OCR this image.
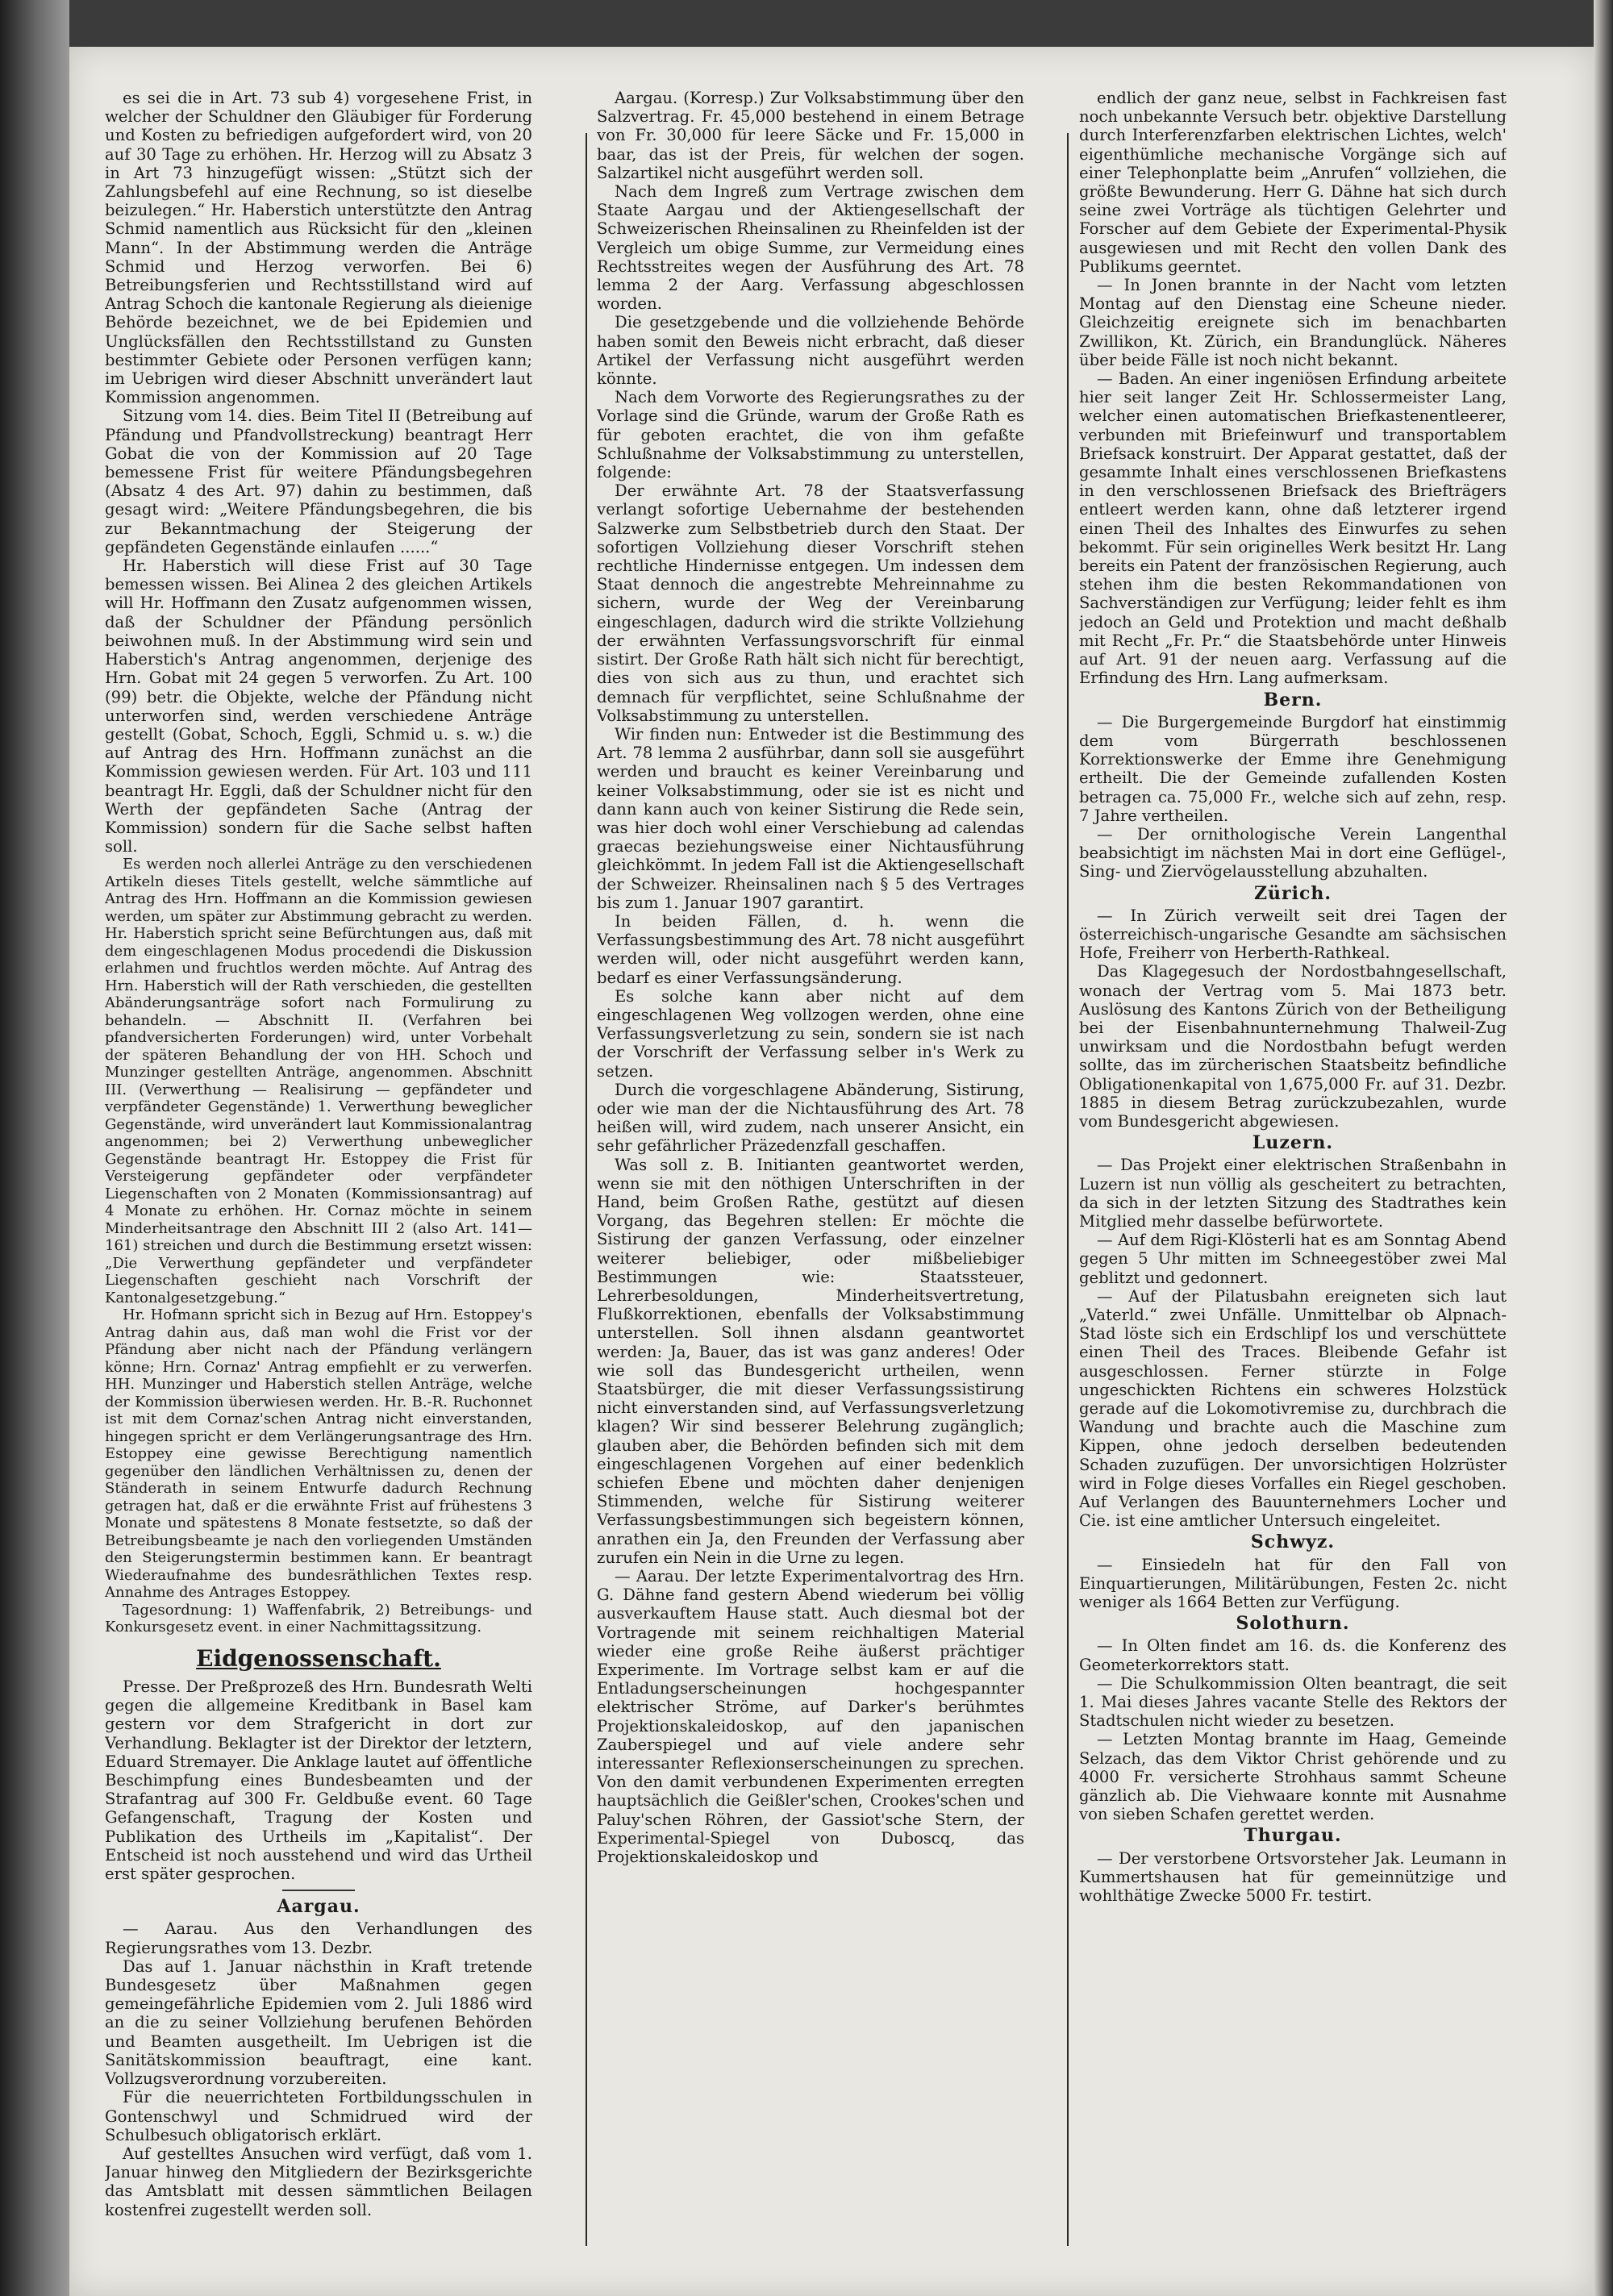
es sei die in Art. 73 sub 4) vorgesehene Frist, in welcher der Schuldner den Gläubiger für Forderung und Kosten zu befriedigen aufgefordert wird, von 20 auf 30 Tage zu erhöhen. Hr. Herzog will zu Absatz 3 in Art 73 hinzugefügt wissen: „Stützt sich der Zahlungsbefehl auf eine Rechnung, so ist dieselbe beizulegen.“ Hr. Haberstich unterstützte den Antrag Schmid namentlich aus Rücksicht für den „kleinen Mann“. In der Abstimmung werden die Anträge Schmid und Herzog verworfen. Bei 6) Betreibungsferien und Rechtsstillstand wird auf Antrag Schoch die kantonale Regierung als dieienige Behörde bezeichnet, we de bei Epidemien und Unglücksfällen den Rechtsstillstand zu Gunsten bestimmter Gebiete oder Personen verfügen kann; im Uebrigen wird dieser Abschnitt unverändert laut Kommission angenommen.

Sitzung vom 14. dies. Beim Titel II (Betreibung auf Pfändung und Pfandvollstreckung) beantragt Herr Gobat die von der Kommission auf 20 Tage bemessene Frist für weitere Pfändungsbegehren (Absatz 4 des Art. 97) dahin zu bestimmen, daß gesagt wird: „Weitere Pfändungsbegehren, die bis zur Bekanntmachung der Steigerung der gepfändeten Gegenstände einlaufen ......“

Hr. Haberstich will diese Frist auf 30 Tage bemessen wissen. Bei Alinea 2 des gleichen Artikels will Hr. Hoffmann den Zusatz aufgenommen wissen, daß der Schuldner der Pfändung persönlich beiwohnen muß. In der Abstimmung wird sein und Haberstich's Antrag angenommen, derjenige des Hrn. Gobat mit 24 gegen 5 verworfen. Zu Art. 100 (99) betr. die Objekte, welche der Pfändung nicht unterworfen sind, werden verschiedene Anträge gestellt (Gobat, Schoch, Eggli, Schmid u. s. w.) die auf Antrag des Hrn. Hoffmann zunächst an die Kommission gewiesen werden. Für Art. 103 und 111 beantragt Hr. Eggli, daß der Schuldner nicht für den Werth der gepfändeten Sache (Antrag der Kommission) sondern für die Sache selbst haften soll.

Es werden noch allerlei Anträge zu den verschiedenen Artikeln dieses Titels gestellt, welche sämmtliche auf Antrag des Hrn. Hoffmann an die Kommission gewiesen werden, um später zur Abstimmung gebracht zu werden. Hr. Haberstich spricht seine Befürchtungen aus, daß mit dem eingeschlagenen Modus procedendi die Diskussion erlahmen und fruchtlos werden möchte. Auf Antrag des Hrn. Haberstich will der Rath verschieden, die gestellten Abänderungsanträge sofort nach Formulirung zu behandeln. — Abschnitt II. (Verfahren bei pfandversicherten Forderungen) wird, unter Vorbehalt der späteren Behandlung der von HH. Schoch und Munzinger gestellten Anträge, angenommen. Abschnitt III. (Verwerthung — Realisirung — gepfändeter und verpfändeter Gegenstände) 1. Verwerthung beweglicher Gegenstände, wird unverändert laut Kommissionalantrag angenommen; bei 2) Verwerthung unbeweglicher Gegenstände beantragt Hr. Estoppey die Frist für Versteigerung gepfändeter oder verpfändeter Liegenschaften von 2 Monaten (Kommissionsantrag) auf 4 Monate zu erhöhen. Hr. Cornaz möchte in seinem Minderheitsantrage den Abschnitt III 2 (also Art. 141—161) streichen und durch die Bestimmung ersetzt wissen: „Die Verwerthung gepfändeter und verpfändeter Liegenschaften geschieht nach Vorschrift der Kantonalgesetzgebung.“

Hr. Hofmann spricht sich in Bezug auf Hrn. Estoppey's Antrag dahin aus, daß man wohl die Frist vor der Pfändung aber nicht nach der Pfändung verlängern könne; Hrn. Cornaz' Antrag empfiehlt er zu verwerfen. HH. Munzinger und Haberstich stellen Anträge, welche der Kommission überwiesen werden. Hr. B.-R. Ruchonnet ist mit dem Cornaz'schen Antrag nicht einverstanden, hingegen spricht er dem Verlängerungsantrage des Hrn. Estoppey eine gewisse Berechtigung namentlich gegenüber den ländlichen Verhältnissen zu, denen der Ständerath in seinem Entwurfe dadurch Rechnung getragen hat, daß er die erwähnte Frist auf frühestens 3 Monate und spätestens 8 Monate festsetzte, so daß der Betreibungsbeamte je nach den vorliegenden Umständen den Steigerungstermin bestimmen kann. Er beantragt Wiederaufnahme des bundesräthlichen Textes resp. Annahme des Antrages Estoppey.

Tagesordnung: 1) Waffenfabrik, 2) Betreibungs- und Konkursgesetz event. in einer Nachmittagssitzung.

Eidgenossenschaft.

Presse. Der Preßprozeß des Hrn. Bundesrath Welti gegen die allgemeine Kreditbank in Basel kam gestern vor dem Strafgericht in dort zur Verhandlung. Beklagter ist der Direktor der letztern, Eduard Stremayer. Die Anklage lautet auf öffentliche Beschimpfung eines Bundesbeamten und der Strafantrag auf 300 Fr. Geldbuße event. 60 Tage Gefangenschaft, Tragung der Kosten und Publikation des Urtheils im „Kapitalist“. Der Entscheid ist noch ausstehend und wird das Urtheil erst später gesprochen.

Aargau.

— Aarau. Aus den Verhandlungen des Regierungsrathes vom 13. Dezbr.

Das auf 1. Januar nächsthin in Kraft tretende Bundesgesetz über Maßnahmen gegen gemeingefährliche Epidemien vom 2. Juli 1886 wird an die zu seiner Vollziehung berufenen Behörden und Beamten ausgetheilt. Im Uebrigen ist die Sanitätskommission beauftragt, eine kant. Vollzugsverordnung vorzubereiten.

Für die neuerrichteten Fortbildungsschulen in Gontenschwyl und Schmidrued wird der Schulbesuch obligatorisch erklärt.

Auf gestelltes Ansuchen wird verfügt, daß vom 1. Januar hinweg den Mitgliedern der Bezirksgerichte das Amtsblatt mit dessen sämmtlichen Beilagen kostenfrei zugestellt werden soll.

Aargau. (Korresp.) Zur Volksabstimmung über den Salzvertrag. Fr. 45,000 bestehend in einem Betrage von Fr. 30,000 für leere Säcke und Fr. 15,000 in baar, das ist der Preis, für welchen der sogen. Salzartikel nicht ausgeführt werden soll.

Nach dem Ingreß zum Vertrage zwischen dem Staate Aargau und der Aktiengesellschaft der Schweizerischen Rheinsalinen zu Rheinfelden ist der Vergleich um obige Summe, zur Vermeidung eines Rechtsstreites wegen der Ausführung des Art. 78 lemma 2 der Aarg. Verfassung abgeschlossen worden.

Die gesetzgebende und die vollziehende Behörde haben somit den Beweis nicht erbracht, daß dieser Artikel der Verfassung nicht ausgeführt werden könnte.

Nach dem Vorworte des Regierungsrathes zu der Vorlage sind die Gründe, warum der Große Rath es für geboten erachtet, die von ihm gefaßte Schlußnahme der Volksabstimmung zu unterstellen, folgende:

Der erwähnte Art. 78 der Staatsverfassung verlangt sofortige Uebernahme der bestehenden Salzwerke zum Selbstbetrieb durch den Staat. Der sofortigen Vollziehung dieser Vorschrift stehen rechtliche Hindernisse entgegen. Um indessen dem Staat dennoch die angestrebte Mehreinnahme zu sichern, wurde der Weg der Vereinbarung eingeschlagen, dadurch wird die strikte Vollziehung der erwähnten Verfassungsvorschrift für einmal sistirt. Der Große Rath hält sich nicht für berechtigt, dies von sich aus zu thun, und erachtet sich demnach für verpflichtet, seine Schlußnahme der Volksabstimmung zu unterstellen.

Wir finden nun: Entweder ist die Bestimmung des Art. 78 lemma 2 ausführbar, dann soll sie ausgeführt werden und braucht es keiner Vereinbarung und keiner Volksabstimmung, oder sie ist es nicht und dann kann auch von keiner Sistirung die Rede sein, was hier doch wohl einer Verschiebung ad calendas graecas beziehungsweise einer Nichtausführung gleichkömmt. In jedem Fall ist die Aktiengesellschaft der Schweizer. Rheinsalinen nach § 5 des Vertrages bis zum 1. Januar 1907 garantirt.

In beiden Fällen, d. h. wenn die Verfassungsbestimmung des Art. 78 nicht ausgeführt werden will, oder nicht ausgeführt werden kann, bedarf es einer Verfassungsänderung.

Es solche kann aber nicht auf dem eingeschlagenen Weg vollzogen werden, ohne eine Verfassungsverletzung zu sein, sondern sie ist nach der Vorschrift der Verfassung selber in's Werk zu setzen.

Durch die vorgeschlagene Abänderung, Sistirung, oder wie man der die Nichtausführung des Art. 78 heißen will, wird zudem, nach unserer Ansicht, ein sehr gefährlicher Präzedenzfall geschaffen.

Was soll z. B. Initianten geantwortet werden, wenn sie mit den nöthigen Unterschriften in der Hand, beim Großen Rathe, gestützt auf diesen Vorgang, das Begehren stellen: Er möchte die Sistirung der ganzen Verfassung, oder einzelner weiterer beliebiger, oder mißbeliebiger Bestimmungen wie: Staatssteuer, Lehrerbesoldungen, Minderheitsvertretung, Flußkorrektionen, ebenfalls der Volksabstimmung unterstellen. Soll ihnen alsdann geantwortet werden: Ja, Bauer, das ist was ganz anderes! Oder wie soll das Bundesgericht urtheilen, wenn Staatsbürger, die mit dieser Verfassungssistirung nicht einverstanden sind, auf Verfassungsverletzung klagen? Wir sind besserer Belehrung zugänglich; glauben aber, die Behörden befinden sich mit dem eingeschlagenen Vorgehen auf einer bedenklich schiefen Ebene und möchten daher denjenigen Stimmenden, welche für Sistirung weiterer Verfassungsbestimmungen sich begeistern können, anrathen ein Ja, den Freunden der Verfassung aber zurufen ein Nein in die Urne zu legen.

— Aarau. Der letzte Experimentalvortrag des Hrn. G. Dähne fand gestern Abend wiederum bei völlig ausverkauftem Hause statt. Auch diesmal bot der Vortragende mit seinem reichhaltigen Material wieder eine große Reihe äußerst prächtiger Experimente. Im Vortrage selbst kam er auf die Entladungserscheinungen hochgespannter elektrischer Ströme, auf Darker's berühmtes Projektionskaleidoskop, auf den japanischen Zauberspiegel und auf viele andere sehr interessanter Reflexionserscheinungen zu sprechen. Von den damit verbundenen Experimenten erregten hauptsächlich die Geißler'schen, Crookes'schen und Paluy'schen Röhren, der Gassiot'sche Stern, der Experimental-Spiegel von Duboscq, das Projektionskaleidoskop und

endlich der ganz neue, selbst in Fachkreisen fast noch unbekannte Versuch betr. objektive Darstellung durch Interferenzfarben elektrischen Lichtes, welch' eigenthümliche mechanische Vorgänge sich auf einer Telephonplatte beim „Anrufen“ vollziehen, die größte Bewunderung. Herr G. Dähne hat sich durch seine zwei Vorträge als tüchtigen Gelehrter und Forscher auf dem Gebiete der Experimental-Physik ausgewiesen und mit Recht den vollen Dank des Publikums geerntet.

— In Jonen brannte in der Nacht vom letzten Montag auf den Dienstag eine Scheune nieder. Gleichzeitig ereignete sich im benachbarten Zwillikon, Kt. Zürich, ein Brandunglück. Näheres über beide Fälle ist noch nicht bekannt.

— Baden. An einer ingeniösen Erfindung arbeitete hier seit langer Zeit Hr. Schlossermeister Lang, welcher einen automatischen Briefkastenentleerer, verbunden mit Briefeinwurf und transportablem Briefsack konstruirt. Der Apparat gestattet, daß der gesammte Inhalt eines verschlossenen Briefkastens in den verschlossenen Briefsack des Briefträgers entleert werden kann, ohne daß letzterer irgend einen Theil des Inhaltes des Einwurfes zu sehen bekommt. Für sein originelles Werk besitzt Hr. Lang bereits ein Patent der französischen Regierung, auch stehen ihm die besten Rekommandationen von Sachverständigen zur Verfügung; leider fehlt es ihm jedoch an Geld und Protektion und macht deßhalb mit Recht „Fr. Pr.“ die Staatsbehörde unter Hinweis auf Art. 91 der neuen aarg. Verfassung auf die Erfindung des Hrn. Lang aufmerksam.

Bern.

— Die Burgergemeinde Burgdorf hat einstimmig dem vom Bürgerrath beschlossenen Korrektionswerke der Emme ihre Genehmigung ertheilt. Die der Gemeinde zufallenden Kosten betragen ca. 75,000 Fr., welche sich auf zehn, resp. 7 Jahre vertheilen.

— Der ornithologische Verein Langenthal beabsichtigt im nächsten Mai in dort eine Geflügel-, Sing- und Ziervögelausstellung abzuhalten.

Zürich.

— In Zürich verweilt seit drei Tagen der österreichisch-ungarische Gesandte am sächsischen Hofe, Freiherr von Herberth-Rathkeal.

Das Klagegesuch der Nordostbahngesellschaft, wonach der Vertrag vom 5. Mai 1873 betr. Auslösung des Kantons Zürich von der Betheiligung bei der Eisenbahnunternehmung Thalweil-Zug unwirksam und die Nordostbahn befugt werden sollte, das im zürcherischen Staatsbeitz befindliche Obligationenkapital von 1,675,000 Fr. auf 31. Dezbr. 1885 in diesem Betrag zurückzubezahlen, wurde vom Bundesgericht abgewiesen.

Luzern.

— Das Projekt einer elektrischen Straßenbahn in Luzern ist nun völlig als gescheitert zu betrachten, da sich in der letzten Sitzung des Stadtrathes kein Mitglied mehr dasselbe befürwortete.

— Auf dem Rigi-Klösterli hat es am Sonntag Abend gegen 5 Uhr mitten im Schneegestöber zwei Mal geblitzt und gedonnert.

— Auf der Pilatusbahn ereigneten sich laut „Vaterld.“ zwei Unfälle. Unmittelbar ob Alpnach-Stad löste sich ein Erdschlipf los und verschüttete einen Theil des Traces. Bleibende Gefahr ist ausgeschlossen. Ferner stürzte in Folge ungeschickten Richtens ein schweres Holzstück gerade auf die Lokomotivremise zu, durchbrach die Wandung und brachte auch die Maschine zum Kippen, ohne jedoch derselben bedeutenden Schaden zuzufügen. Der unvorsichtigen Holzrüster wird in Folge dieses Vorfalles ein Riegel geschoben. Auf Verlangen des Bauunternehmers Locher und Cie. ist eine amtlicher Untersuch eingeleitet.

Schwyz.

— Einsiedeln hat für den Fall von Einquartierungen, Militärübungen, Festen 2c. nicht weniger als 1664 Betten zur Verfügung.

Solothurn.

— In Olten findet am 16. ds. die Konferenz des Geometerkorrektors statt.

— Die Schulkommission Olten beantragt, die seit 1. Mai dieses Jahres vacante Stelle des Rektors der Stadtschulen nicht wieder zu besetzen.

— Letzten Montag brannte im Haag, Gemeinde Selzach, das dem Viktor Christ gehörende und zu 4000 Fr. versicherte Strohhaus sammt Scheune gänzlich ab. Die Viehwaare konnte mit Ausnahme von sieben Schafen gerettet werden.

Thurgau.

— Der verstorbene Ortsvorsteher Jak. Leumann in Kummertshausen hat für gemeinnützige und wohlthätige Zwecke 5000 Fr. testirt.
